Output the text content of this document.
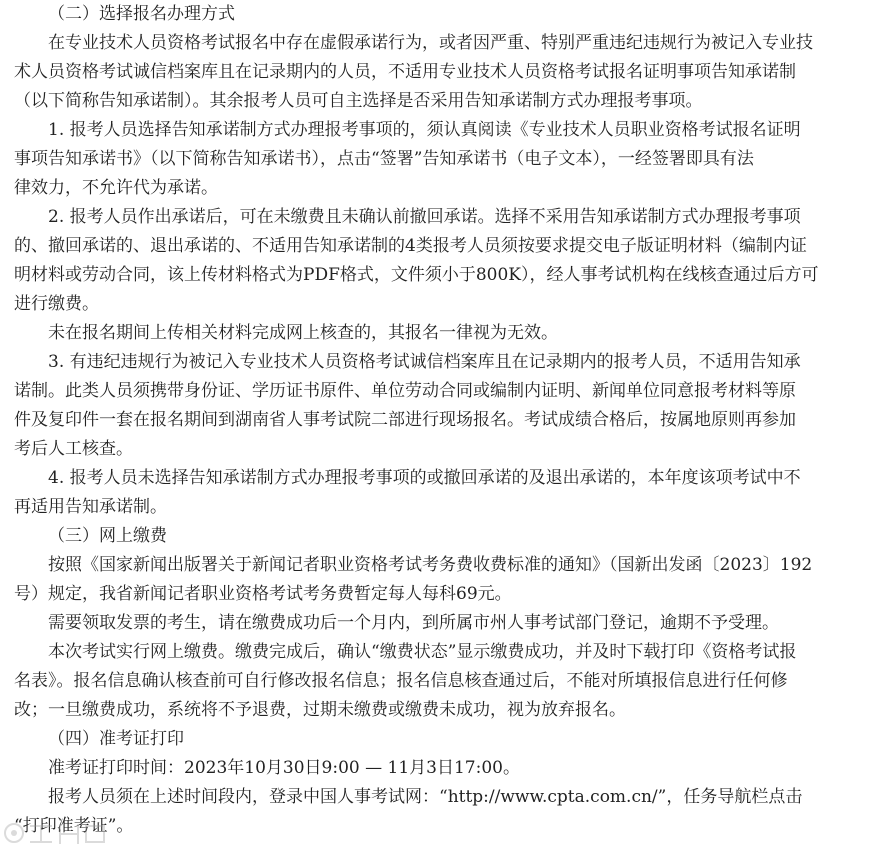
（二）选择报名办理方式

在专业技术人员资格考试报名中存在虚假承诺行为，或者因严重、特别严重违纪违规行为被记入专业技

术人员资格考试诚信档案库且在记录期内的人员，不适用专业技术人员资格考试报名证明事项告知承诺制

（以下简称告知承诺制）。其余报考人员可自主选择是否采用告知承诺制方式办理报考事项。

1. 报考人员选择告知承诺制方式办理报考事项的，须认真阅读《专业技术人员职业资格考试报名证明

事项告知承诺书》（以下简称告知承诺书），点击“签署”告知承诺书（电子文本），一经签署即具有法

律效力，不允许代为承诺。

2. 报考人员作出承诺后，可在未缴费且未确认前撤回承诺。选择不采用告知承诺制方式办理报考事项

的、撤回承诺的、退出承诺的、不适用告知承诺制的4类报考人员须按要求提交电子版证明材料（编制内证

明材料或劳动合同，该上传材料格式为PDF格式，文件须小于800K），经人事考试机构在线核查通过后方可

进行缴费。

未在报名期间上传相关材料完成网上核查的，其报名一律视为无效。

3. 有违纪违规行为被记入专业技术人员资格考试诚信档案库且在记录期内的报考人员，不适用告知承

诺制。此类人员须携带身份证、学历证书原件、单位劳动合同或编制内证明、新闻单位同意报考材料等原

件及复印件一套在报名期间到湖南省人事考试院二部进行现场报名。考试成绩合格后，按属地原则再参加

考后人工核查。

4. 报考人员未选择告知承诺制方式办理报考事项的或撤回承诺的及退出承诺的，本年度该项考试中不

再适用告知承诺制。

（三）网上缴费

按照《国家新闻出版署关于新闻记者职业资格考试考务费收费标准的通知》（国新出发函〔2023〕192

号）规定，我省新闻记者职业资格考试考务费暂定每人每科69元。

需要领取发票的考生，请在缴费成功后一个月内，到所属市州人事考试部门登记，逾期不予受理。

本次考试实行网上缴费。缴费完成后，确认“缴费状态”显示缴费成功，并及时下载打印《资格考试报

名表》。报名信息确认核查前可自行修改报名信息；报名信息核查通过后，不能对所填报信息进行任何修

改；一旦缴费成功，系统将不予退费，过期未缴费或缴费未成功，视为放弃报名。

（四）准考证打印

准考证打印时间：2023年10月30日9:00 — 11月3日17:00。

报考人员须在上述时间段内，登录中国人事考试网：“http://www.cpta.com.cn/”，任务导航栏点击

“打印准考证”。
